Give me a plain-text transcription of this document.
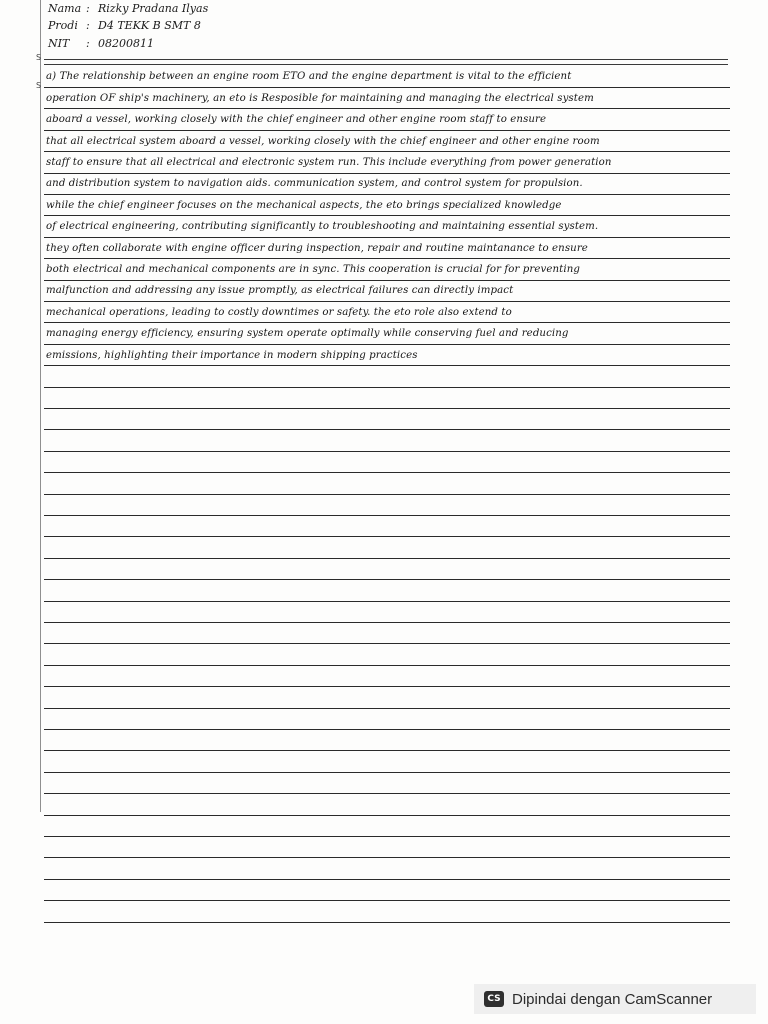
S
S
Nama : Rizky Pradana Ilyas
Prodi : D4 TEKK B SMT 8
NIT : 08200811
a) The relationship between an engine room ETO and the engine department is vital to the efficient
operation OF ship's machinery, an eto is Resposible for maintaining and managing the electrical system
aboard a vessel, working closely with the chief engineer and other engine room staff to ensure
that all electrical system aboard a vessel, working closely with the chief engineer and other engine room
staff to ensure that all electrical and electronic system run. This include everything from power generation
and distribution system to navigation aids. communication system, and control system for propulsion.
while the chief engineer focuses on the mechanical aspects, the eto brings specialized knowledge
of electrical engineering, contributing significantly to troubleshooting and maintaining essential system.
they often collaborate with engine officer during inspection, repair and routine maintanance to ensure
both electrical and mechanical components are in sync. This cooperation is crucial for for preventing
malfunction and addressing any issue promptly, as electrical failures can directly impact
mechanical operations, leading to costly downtimes or safety. the eto role also extend to
managing energy efficiency, ensuring system operate optimally while conserving fuel and reducing
emissions, highlighting their importance in modern shipping practices
CS Dipindai dengan CamScanner
